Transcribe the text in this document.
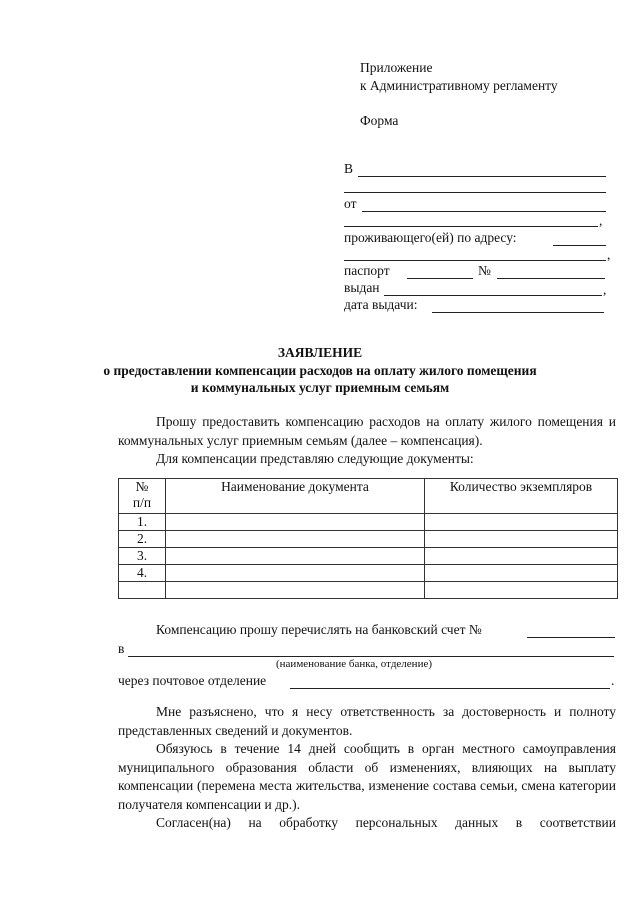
Приложение
к Административному регламенту
Форма
В
от
,
проживающего(ей) по адресу:
,
паспорт	№
выдан	,
дата выдачи:
ЗАЯВЛЕНИЕ
о предоставлении компенсации расходов на оплату жилого помещения
и коммунальных услуг приемным семьям

Прошу предоставить компенсацию расходов на оплату жилого помещения и коммунальных услуг приемным семьям (далее – компенсация).

Для компенсации представляю следующие документы:

№
п/п	Наименование документа	Количество экземпляров
1.		
2.		
3.		
4.		

Компенсацию прошу перечислять на банковский счет №
в
(наименование банка, отделение)
через почтовое отделение	.

Мне разъяснено, что я несу ответственность за достоверность и полноту представленных сведений и документов.

Обязуюсь в течение 14 дней сообщить в орган местного самоуправления муниципального образования области об изменениях, влияющих на выплату компенсации (перемена места жительства, изменение состава семьи, смена категории получателя компенсации и др.).

Согласен(на) на обработку персональных данных в соответствии
